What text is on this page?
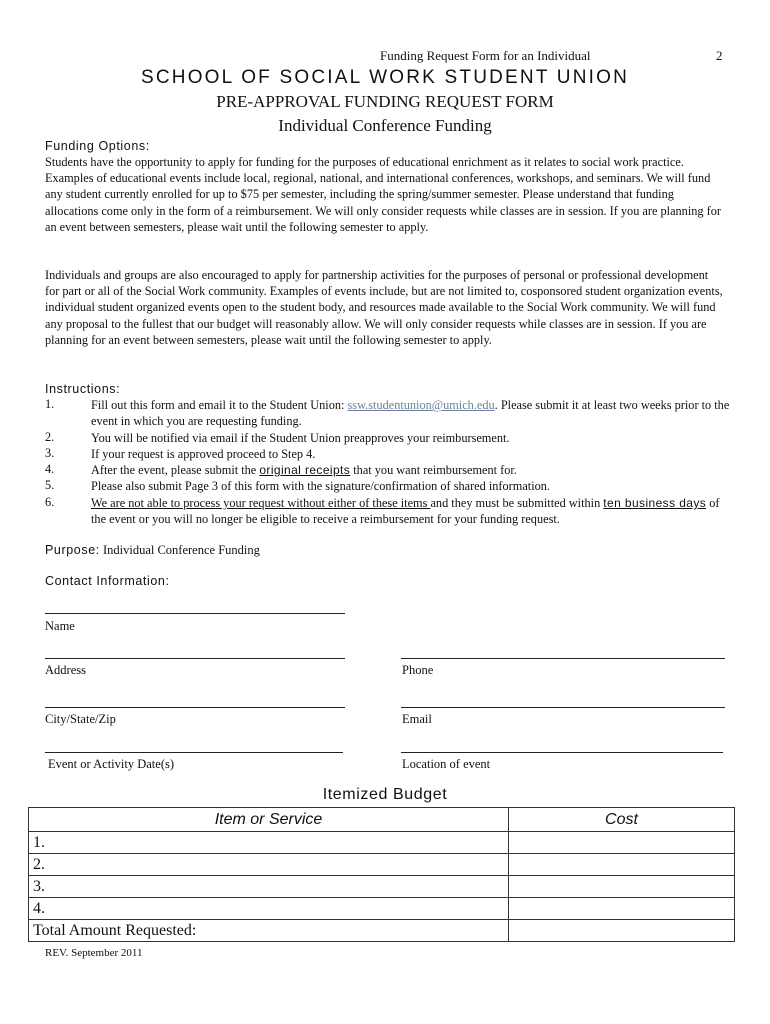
Funding Request Form for an Individual	2
SCHOOL OF SOCIAL WORK STUDENT UNION
PRE-APPROVAL FUNDING REQUEST FORM
Individual Conference Funding
Funding Options:
Students have the opportunity to apply for funding for the purposes of educational enrichment as it relates to social work practice. Examples of educational events include local, regional, national, and international conferences, workshops, and seminars. We will fund any student currently enrolled for up to $75 per semester, including the spring/summer semester. Please understand that funding allocations come only in the form of a reimbursement. We will only consider requests while classes are in session. If you are planning for an event between semesters, please wait until the following semester to apply.
Individuals and groups are also encouraged to apply for partnership activities for the purposes of personal or professional development for part or all of the Social Work community. Examples of events include, but are not limited to, cosponsored student organization events, individual student organized events open to the student body, and resources made available to the Social Work community. We will fund any proposal to the fullest that our budget will reasonably allow. We will only consider requests while classes are in session. If you are planning for an event between semesters, please wait until the following semester to apply.
Instructions:
1.	Fill out this form and email it to the Student Union: ssw.studentunion@umich.edu. Please submit it at least two weeks prior to the event in which you are requesting funding.
2.	You will be notified via email if the Student Union preapproves your reimbursement.
3.	If your request is approved proceed to Step 4.
4.	After the event, please submit the original receipts that you want reimbursement for.
5.	Please also submit Page 3 of this form with the signature/confirmation of shared information.
6.	We are not able to process your request without either of these items and they must be submitted within ten business days of the event or you will no longer be eligible to receive a reimbursement for your funding request.
Purpose: Individual Conference Funding
Contact Information:
Name
Address	Phone
City/State/Zip	Email
Event or Activity Date(s)	Location of event
Itemized Budget
Item or Service	Cost
1.	
2.	
3.	
4.	
Total Amount Requested:	
REV. September 2011
